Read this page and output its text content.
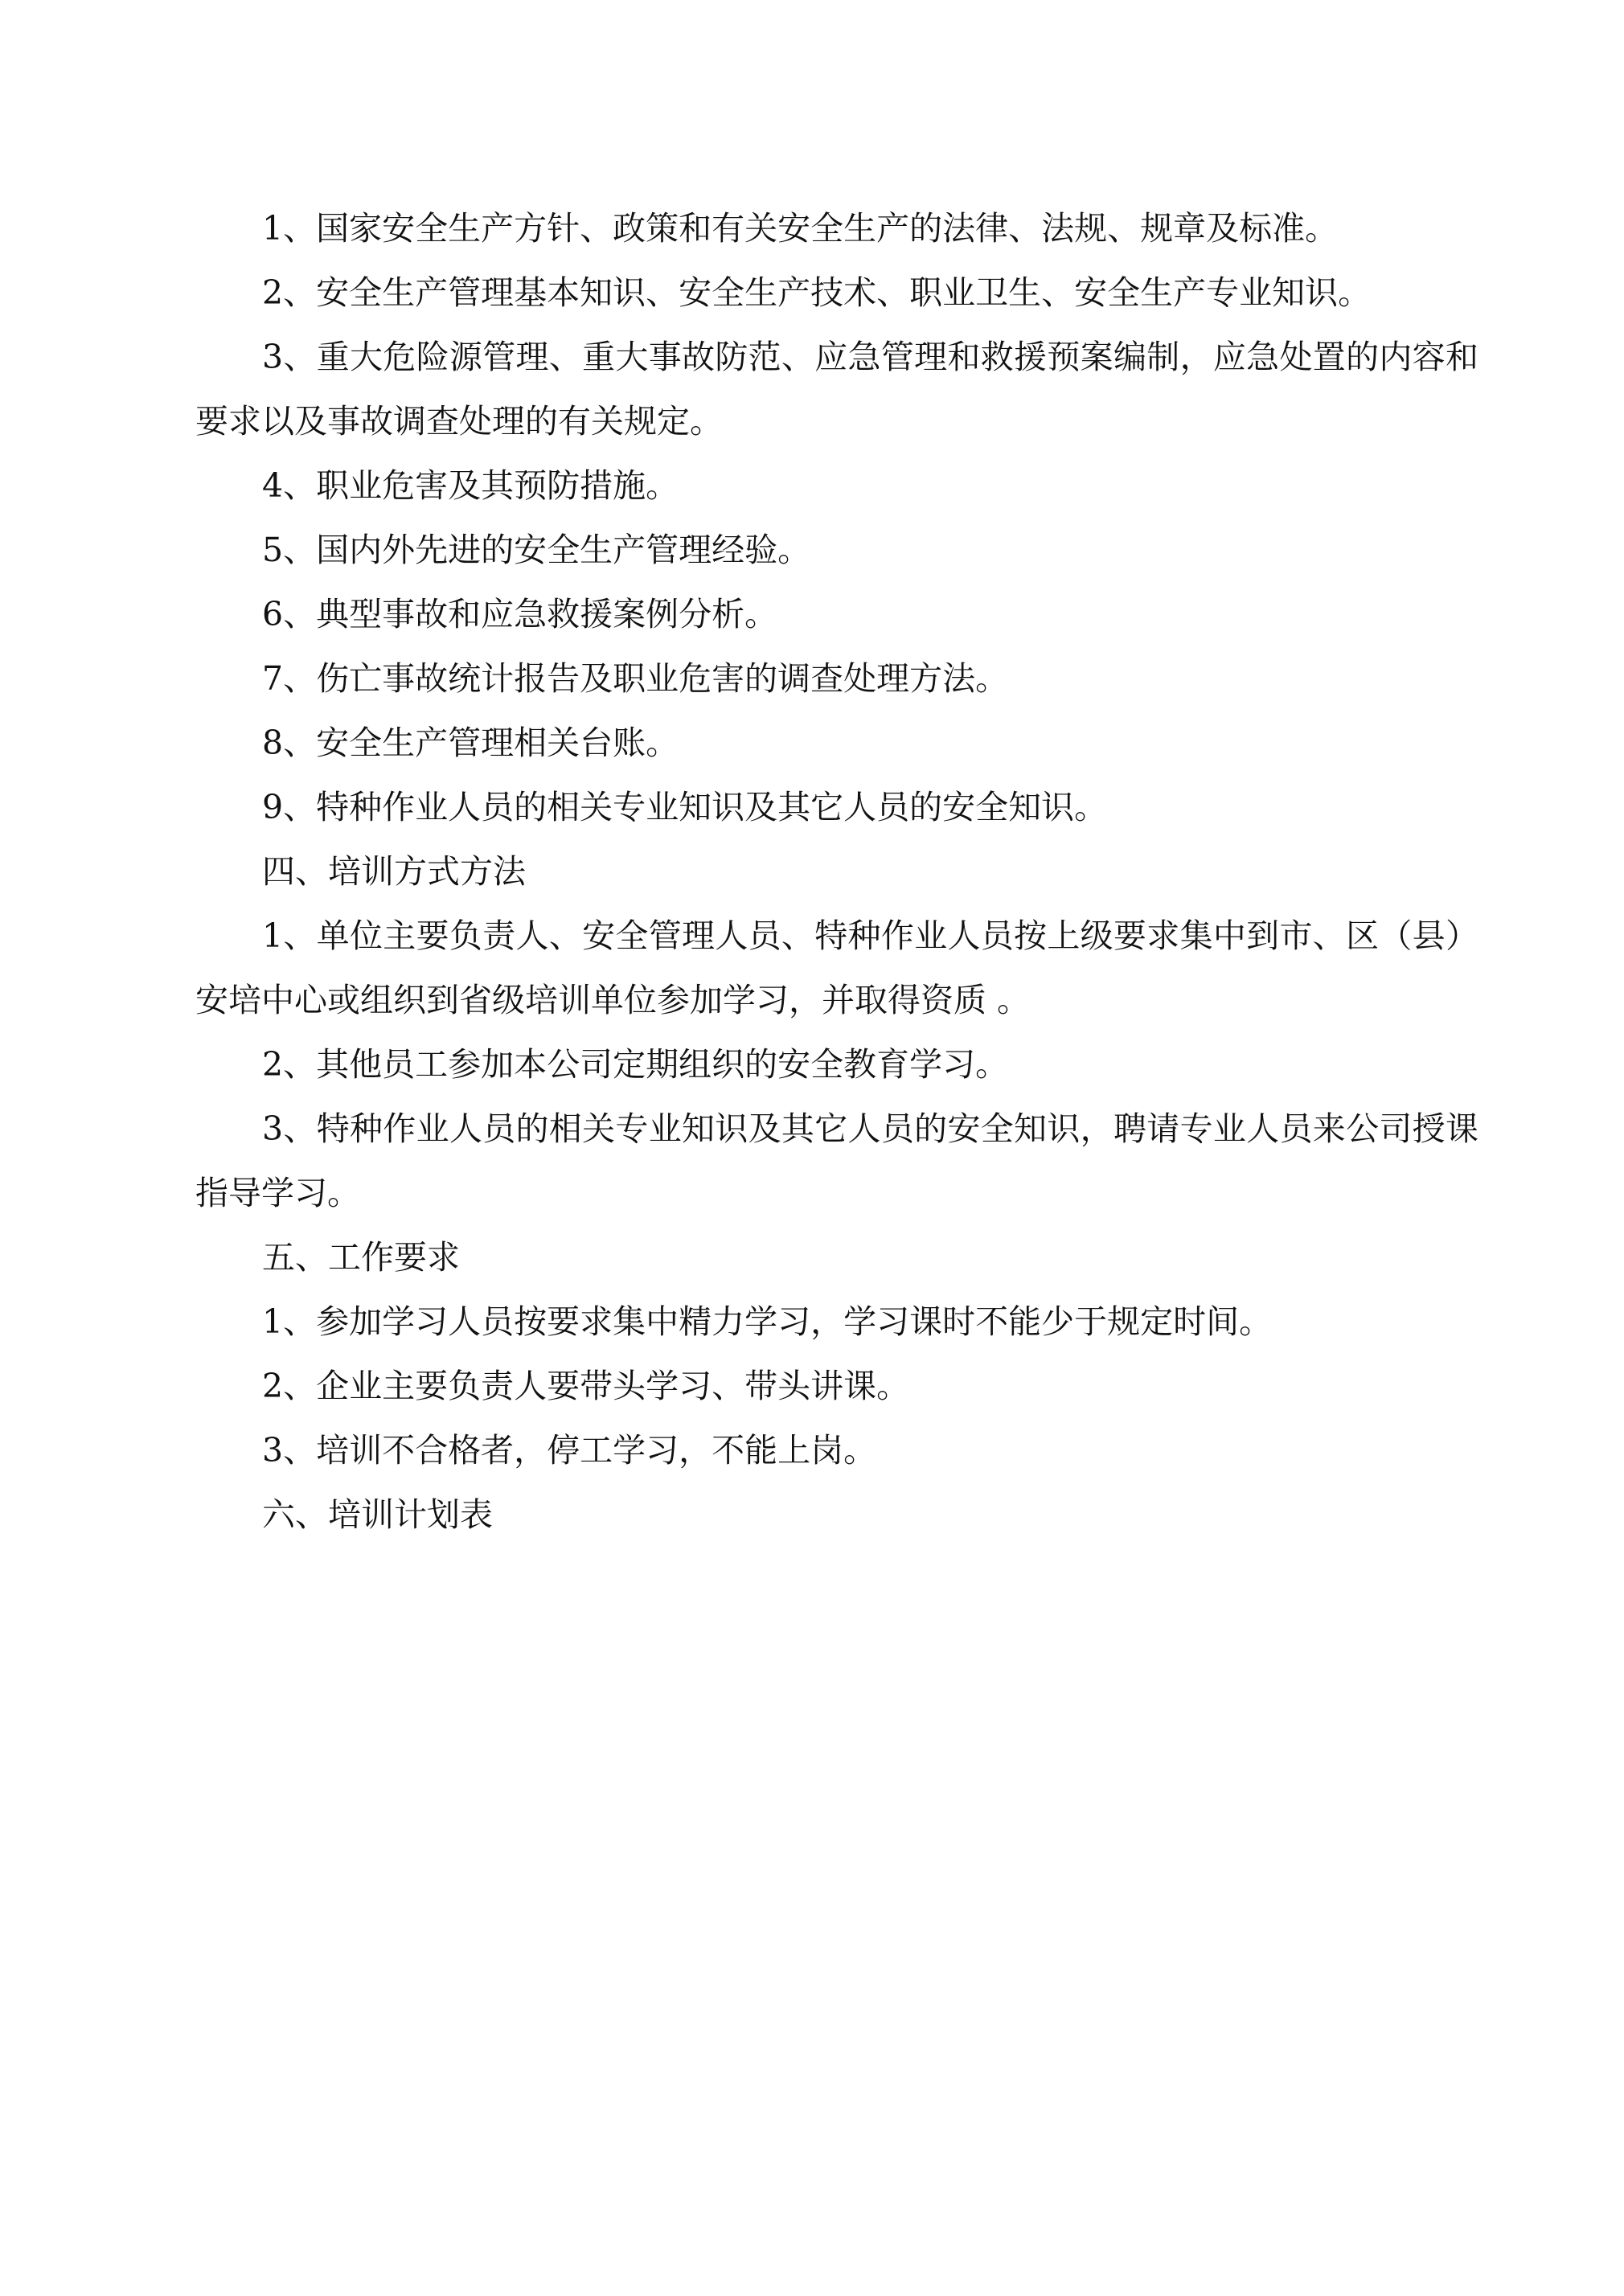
1、国家安全生产方针、政策和有关安全生产的法律、法规、规章及标准。

2、安全生产管理基本知识、安全生产技术、职业卫生、安全生产专业知识。

3、重大危险源管理、重大事故防范、应急管理和救援预案编制，应急处置的内容和要求以及事故调查处理的有关规定。

4、职业危害及其预防措施。

5、国内外先进的安全生产管理经验。

6、典型事故和应急救援案例分析。

7、伤亡事故统计报告及职业危害的调查处理方法。

8、安全生产管理相关台账。

9、特种作业人员的相关专业知识及其它人员的安全知识。

四、培训方式方法

1、单位主要负责人、安全管理人员、特种作业人员按上级要求集中到市、区（县）安培中心或组织到省级培训单位参加学习，并取得资质 。

2、其他员工参加本公司定期组织的安全教育学习。

3、特种作业人员的相关专业知识及其它人员的安全知识，聘请专业人员来公司授课指导学习。

五、工作要求

1、参加学习人员按要求集中精力学习，学习课时不能少于规定时间。

2、企业主要负责人要带头学习、带头讲课。

3、培训不合格者，停工学习，不能上岗。

六、培训计划表
